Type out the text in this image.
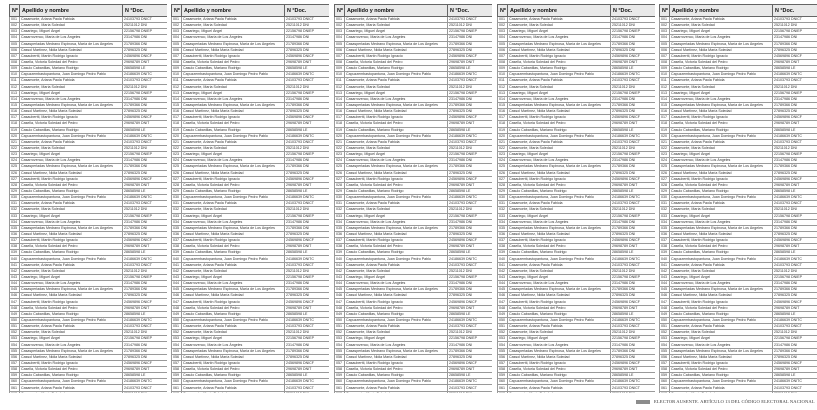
Nº	Apellido y nombre	N °Doc.
001	Casamonte, Ariana Paola Fabiola	24103793 DNICT
002	Casamonte, María Soledad	25211012 DNI
003	Casariego, Miguel Ángel	22156798 DNIEP
004	Casarrovenco, María de Los Ángeles	23147986 DNI
005	Casasperladas Medrano Espinosa, María de Los Ángeles	21789366 DNI
006	Cassol Martínez, Nidia María Soledad	27896325 DNI
007	Casaubertti, Martín Rodrigo Ignacio	24569896 DNICF
008	Casella, Victoria Soledad del Pedro	29698789 DNIT
009	Casulo Cabanillas, Mariano Rodrigo	28658598 LE
010	Capuzzembastopantuna, Juan Domingo Pedro Pablo	24186639 DNITC
011	Casamonte, Ariana Paola Fabiola	24103793 DNICT
012	Casamonte, María Soledad	25211012 DNI
013	Casariego, Miguel Ángel	22156798 DNIEP
014	Casarrovenco, María de Los Ángeles	23147986 DNI
015	Casasperladas Medrano Espinosa, María de Los Ángeles	21789366 DNI
016	Cassol Martínez, Nidia María Soledad	27896325 DNI
017	Casaubertti, Martín Rodrigo Ignacio	24569896 DNICF
018	Casella, Victoria Soledad del Pedro	29698789 DNIT
019	Casulo Cabanillas, Mariano Rodrigo	28658598 LE
020	Capuzzembastopantuna, Juan Domingo Pedro Pablo	24186639 DNITC
021	Casamonte, Ariana Paola Fabiola	24103793 DNICT
022	Casamonte, María Soledad	25211012 DNI
023	Casariego, Miguel Ángel	22156798 DNIEP
024	Casarrovenco, María de Los Ángeles	23147986 DNI
025	Casasperladas Medrano Espinosa, María de Los Ángeles	21789366 DNI
026	Cassol Martínez, Nidia María Soledad	27896325 DNI
027	Casaubertti, Martín Rodrigo Ignacio	24569896 DNICF
028	Casella, Victoria Soledad del Pedro	29698789 DNIT
029	Casulo Cabanillas, Mariano Rodrigo	28658598 LE
030	Capuzzembastopantuna, Juan Domingo Pedro Pablo	24186639 DNITC
031	Casamonte, Ariana Paola Fabiola	24103793 DNICT
032	Casamonte, María Soledad	25211012 DNI
033	Casariego, Miguel Ángel	22156798 DNIEP
034	Casarrovenco, María de Los Ángeles	23147986 DNI
035	Casasperladas Medrano Espinosa, María de Los Ángeles	21789366 DNI
036	Cassol Martínez, Nidia María Soledad	27896325 DNI
037	Casaubertti, Martín Rodrigo Ignacio	24569896 DNICF
038	Casella, Victoria Soledad del Pedro	29698789 DNIT
039	Casulo Cabanillas, Mariano Rodrigo	28658598 LE
040	Capuzzembastopantuna, Juan Domingo Pedro Pablo	24186639 DNITC
041	Casamonte, Ariana Paola Fabiola	24103793 DNICT
042	Casamonte, María Soledad	25211012 DNI
043	Casariego, Miguel Ángel	22156798 DNIEP
044	Casarrovenco, María de Los Ángeles	23147986 DNI
045	Casasperladas Medrano Espinosa, María de Los Ángeles	21789366 DNI
046	Cassol Martínez, Nidia María Soledad	27896325 DNI
047	Casaubertti, Martín Rodrigo Ignacio	24569896 DNICF
048	Casella, Victoria Soledad del Pedro	29698789 DNIT
049	Casulo Cabanillas, Mariano Rodrigo	28658598 LE
050	Capuzzembastopantuna, Juan Domingo Pedro Pablo	24186639 DNITC
051	Casamonte, Ariana Paola Fabiola	24103793 DNICT
052	Casamonte, María Soledad	25211012 DNI
053	Casariego, Miguel Ángel	22156798 DNIEP
054	Casarrovenco, María de Los Ángeles	23147986 DNI
055	Casasperladas Medrano Espinosa, María de Los Ángeles	21789366 DNI
056	Cassol Martínez, Nidia María Soledad	27896325 DNI
057	Casaubertti, Martín Rodrigo Ignacio	24569896 DNICF
058	Casella, Victoria Soledad del Pedro	29698789 DNIT
059	Casulo Cabanillas, Mariano Rodrigo	28658598 LE
060	Capuzzembastopantuna, Juan Domingo Pedro Pablo	24186639 DNITC
061	Casamonte, Ariana Paola Fabiola	24103793 DNICT

Nº	Apellido y nombre	N °Doc.
001	Casamonte, Ariana Paola Fabiola	24103793 DNICT
002	Casamonte, María Soledad	25211012 DNI
003	Casariego, Miguel Ángel	22156798 DNIEP
004	Casarrovenco, María de Los Ángeles	23147986 DNI
005	Casasperladas Medrano Espinosa, María de Los Ángeles	21789366 DNI
006	Cassol Martínez, Nidia María Soledad	27896325 DNI
007	Casaubertti, Martín Rodrigo Ignacio	24569896 DNICF
008	Casella, Victoria Soledad del Pedro	29698789 DNIT
009	Casulo Cabanillas, Mariano Rodrigo	28658598 LE
010	Capuzzembastopantuna, Juan Domingo Pedro Pablo	24186639 DNITC
011	Casamonte, Ariana Paola Fabiola	24103793 DNICT
012	Casamonte, María Soledad	25211012 DNI
013	Casariego, Miguel Ángel	22156798 DNIEP
014	Casarrovenco, María de Los Ángeles	23147986 DNI
015	Casasperladas Medrano Espinosa, María de Los Ángeles	21789366 DNI
016	Cassol Martínez, Nidia María Soledad	27896325 DNI
017	Casaubertti, Martín Rodrigo Ignacio	24569896 DNICF
018	Casella, Victoria Soledad del Pedro	29698789 DNIT
019	Casulo Cabanillas, Mariano Rodrigo	28658598 LE
020	Capuzzembastopantuna, Juan Domingo Pedro Pablo	24186639 DNITC
021	Casamonte, Ariana Paola Fabiola	24103793 DNICT
022	Casamonte, María Soledad	25211012 DNI
023	Casariego, Miguel Ángel	22156798 DNIEP
024	Casarrovenco, María de Los Ángeles	23147986 DNI
025	Casasperladas Medrano Espinosa, María de Los Ángeles	21789366 DNI
026	Cassol Martínez, Nidia María Soledad	27896325 DNI
027	Casaubertti, Martín Rodrigo Ignacio	24569896 DNICF
028	Casella, Victoria Soledad del Pedro	29698789 DNIT
029	Casulo Cabanillas, Mariano Rodrigo	28658598 LE
030	Capuzzembastopantuna, Juan Domingo Pedro Pablo	24186639 DNITC
031	Casamonte, Ariana Paola Fabiola	24103793 DNICT
032	Casamonte, María Soledad	25211012 DNI
033	Casariego, Miguel Ángel	22156798 DNIEP
034	Casarrovenco, María de Los Ángeles	23147986 DNI
035	Casasperladas Medrano Espinosa, María de Los Ángeles	21789366 DNI
036	Cassol Martínez, Nidia María Soledad	27896325 DNI
037	Casaubertti, Martín Rodrigo Ignacio	24569896 DNICF
038	Casella, Victoria Soledad del Pedro	29698789 DNIT
039	Casulo Cabanillas, Mariano Rodrigo	28658598 LE
040	Capuzzembastopantuna, Juan Domingo Pedro Pablo	24186639 DNITC
041	Casamonte, Ariana Paola Fabiola	24103793 DNICT
042	Casamonte, María Soledad	25211012 DNI
043	Casariego, Miguel Ángel	22156798 DNIEP
044	Casarrovenco, María de Los Ángeles	23147986 DNI
045	Casasperladas Medrano Espinosa, María de Los Ángeles	21789366 DNI
046	Cassol Martínez, Nidia María Soledad	27896325 DNI
047	Casaubertti, Martín Rodrigo Ignacio	24569896 DNICF
048	Casella, Victoria Soledad del Pedro	29698789 DNIT
049	Casulo Cabanillas, Mariano Rodrigo	28658598 LE
050	Capuzzembastopantuna, Juan Domingo Pedro Pablo	24186639 DNITC
051	Casamonte, Ariana Paola Fabiola	24103793 DNICT
052	Casamonte, María Soledad	25211012 DNI
053	Casariego, Miguel Ángel	22156798 DNIEP
054	Casarrovenco, María de Los Ángeles	23147986 DNI
055	Casasperladas Medrano Espinosa, María de Los Ángeles	21789366 DNI
056	Cassol Martínez, Nidia María Soledad	27896325 DNI
057	Casaubertti, Martín Rodrigo Ignacio	24569896 DNICF
058	Casella, Victoria Soledad del Pedro	29698789 DNIT
059	Casulo Cabanillas, Mariano Rodrigo	28658598 LE
060	Capuzzembastopantuna, Juan Domingo Pedro Pablo	24186639 DNITC
061	Casamonte, Ariana Paola Fabiola	24103793 DNICT

Nº	Apellido y nombre	N °Doc.
001	Casamonte, Ariana Paola Fabiola	24103793 DNICT
002	Casamonte, María Soledad	25211012 DNI
003	Casariego, Miguel Ángel	22156798 DNIEP
004	Casarrovenco, María de Los Ángeles	23147986 DNI
005	Casasperladas Medrano Espinosa, María de Los Ángeles	21789366 DNI
006	Cassol Martínez, Nidia María Soledad	27896325 DNI
007	Casaubertti, Martín Rodrigo Ignacio	24569896 DNICF
008	Casella, Victoria Soledad del Pedro	29698789 DNIT
009	Casulo Cabanillas, Mariano Rodrigo	28658598 LE
010	Capuzzembastopantuna, Juan Domingo Pedro Pablo	24186639 DNITC
011	Casamonte, Ariana Paola Fabiola	24103793 DNICT
012	Casamonte, María Soledad	25211012 DNI
013	Casariego, Miguel Ángel	22156798 DNIEP
014	Casarrovenco, María de Los Ángeles	23147986 DNI
015	Casasperladas Medrano Espinosa, María de Los Ángeles	21789366 DNI
016	Cassol Martínez, Nidia María Soledad	27896325 DNI
017	Casaubertti, Martín Rodrigo Ignacio	24569896 DNICF
018	Casella, Victoria Soledad del Pedro	29698789 DNIT
019	Casulo Cabanillas, Mariano Rodrigo	28658598 LE
020	Capuzzembastopantuna, Juan Domingo Pedro Pablo	24186639 DNITC
021	Casamonte, Ariana Paola Fabiola	24103793 DNICT
022	Casamonte, María Soledad	25211012 DNI
023	Casariego, Miguel Ángel	22156798 DNIEP
024	Casarrovenco, María de Los Ángeles	23147986 DNI
025	Casasperladas Medrano Espinosa, María de Los Ángeles	21789366 DNI
026	Cassol Martínez, Nidia María Soledad	27896325 DNI
027	Casaubertti, Martín Rodrigo Ignacio	24569896 DNICF
028	Casella, Victoria Soledad del Pedro	29698789 DNIT
029	Casulo Cabanillas, Mariano Rodrigo	28658598 LE
030	Capuzzembastopantuna, Juan Domingo Pedro Pablo	24186639 DNITC
031	Casamonte, Ariana Paola Fabiola	24103793 DNICT
032	Casamonte, María Soledad	25211012 DNI
033	Casariego, Miguel Ángel	22156798 DNIEP
034	Casarrovenco, María de Los Ángeles	23147986 DNI
035	Casasperladas Medrano Espinosa, María de Los Ángeles	21789366 DNI
036	Cassol Martínez, Nidia María Soledad	27896325 DNI
037	Casaubertti, Martín Rodrigo Ignacio	24569896 DNICF
038	Casella, Victoria Soledad del Pedro	29698789 DNIT
039	Casulo Cabanillas, Mariano Rodrigo	28658598 LE
040	Capuzzembastopantuna, Juan Domingo Pedro Pablo	24186639 DNITC
041	Casamonte, Ariana Paola Fabiola	24103793 DNICT
042	Casamonte, María Soledad	25211012 DNI
043	Casariego, Miguel Ángel	22156798 DNIEP
044	Casarrovenco, María de Los Ángeles	23147986 DNI
045	Casasperladas Medrano Espinosa, María de Los Ángeles	21789366 DNI
046	Cassol Martínez, Nidia María Soledad	27896325 DNI
047	Casaubertti, Martín Rodrigo Ignacio	24569896 DNICF
048	Casella, Victoria Soledad del Pedro	29698789 DNIT
049	Casulo Cabanillas, Mariano Rodrigo	28658598 LE
050	Capuzzembastopantuna, Juan Domingo Pedro Pablo	24186639 DNITC
051	Casamonte, Ariana Paola Fabiola	24103793 DNICT
052	Casamonte, María Soledad	25211012 DNI
053	Casariego, Miguel Ángel	22156798 DNIEP
054	Casarrovenco, María de Los Ángeles	23147986 DNI
055	Casasperladas Medrano Espinosa, María de Los Ángeles	21789366 DNI
056	Cassol Martínez, Nidia María Soledad	27896325 DNI
057	Casaubertti, Martín Rodrigo Ignacio	24569896 DNICF
058	Casella, Victoria Soledad del Pedro	29698789 DNIT
059	Casulo Cabanillas, Mariano Rodrigo	28658598 LE
060	Capuzzembastopantuna, Juan Domingo Pedro Pablo	24186639 DNITC
061	Casamonte, Ariana Paola Fabiola	24103793 DNICT

Nº	Apellido y nombre	N °Doc.
001	Casamonte, Ariana Paola Fabiola	24103793 DNICT
002	Casamonte, María Soledad	25211012 DNI
003	Casariego, Miguel Ángel	22156798 DNIEP
004	Casarrovenco, María de Los Ángeles	23147986 DNI
005	Casasperladas Medrano Espinosa, María de Los Ángeles	21789366 DNI
006	Cassol Martínez, Nidia María Soledad	27896325 DNI
007	Casaubertti, Martín Rodrigo Ignacio	24569896 DNICF
008	Casella, Victoria Soledad del Pedro	29698789 DNIT
009	Casulo Cabanillas, Mariano Rodrigo	28658598 LE
010	Capuzzembastopantuna, Juan Domingo Pedro Pablo	24186639 DNITC
011	Casamonte, Ariana Paola Fabiola	24103793 DNICT
012	Casamonte, María Soledad	25211012 DNI
013	Casariego, Miguel Ángel	22156798 DNIEP
014	Casarrovenco, María de Los Ángeles	23147986 DNI
015	Casasperladas Medrano Espinosa, María de Los Ángeles	21789366 DNI
016	Cassol Martínez, Nidia María Soledad	27896325 DNI
017	Casaubertti, Martín Rodrigo Ignacio	24569896 DNICF
018	Casella, Victoria Soledad del Pedro	29698789 DNIT
019	Casulo Cabanillas, Mariano Rodrigo	28658598 LE
020	Capuzzembastopantuna, Juan Domingo Pedro Pablo	24186639 DNITC
021	Casamonte, Ariana Paola Fabiola	24103793 DNICT
022	Casamonte, María Soledad	25211012 DNI
023	Casariego, Miguel Ángel	22156798 DNIEP
024	Casarrovenco, María de Los Ángeles	23147986 DNI
025	Casasperladas Medrano Espinosa, María de Los Ángeles	21789366 DNI
026	Cassol Martínez, Nidia María Soledad	27896325 DNI
027	Casaubertti, Martín Rodrigo Ignacio	24569896 DNICF
028	Casella, Victoria Soledad del Pedro	29698789 DNIT
029	Casulo Cabanillas, Mariano Rodrigo	28658598 LE
030	Capuzzembastopantuna, Juan Domingo Pedro Pablo	24186639 DNITC
031	Casamonte, Ariana Paola Fabiola	24103793 DNICT
032	Casamonte, María Soledad	25211012 DNI
033	Casariego, Miguel Ángel	22156798 DNIEP
034	Casarrovenco, María de Los Ángeles	23147986 DNI
035	Casasperladas Medrano Espinosa, María de Los Ángeles	21789366 DNI
036	Cassol Martínez, Nidia María Soledad	27896325 DNI
037	Casaubertti, Martín Rodrigo Ignacio	24569896 DNICF
038	Casella, Victoria Soledad del Pedro	29698789 DNIT
039	Casulo Cabanillas, Mariano Rodrigo	28658598 LE
040	Capuzzembastopantuna, Juan Domingo Pedro Pablo	24186639 DNITC
041	Casamonte, Ariana Paola Fabiola	24103793 DNICT
042	Casamonte, María Soledad	25211012 DNI
043	Casariego, Miguel Ángel	22156798 DNIEP
044	Casarrovenco, María de Los Ángeles	23147986 DNI
045	Casasperladas Medrano Espinosa, María de Los Ángeles	21789366 DNI
046	Cassol Martínez, Nidia María Soledad	27896325 DNI
047	Casaubertti, Martín Rodrigo Ignacio	24569896 DNICF
048	Casella, Victoria Soledad del Pedro	29698789 DNIT
049	Casulo Cabanillas, Mariano Rodrigo	28658598 LE
050	Capuzzembastopantuna, Juan Domingo Pedro Pablo	24186639 DNITC
051	Casamonte, Ariana Paola Fabiola	24103793 DNICT
052	Casamonte, María Soledad	25211012 DNI
053	Casariego, Miguel Ángel	22156798 DNIEP
054	Casarrovenco, María de Los Ángeles	23147986 DNI
055	Casasperladas Medrano Espinosa, María de Los Ángeles	21789366 DNI
056	Cassol Martínez, Nidia María Soledad	27896325 DNI
057	Casaubertti, Martín Rodrigo Ignacio	24569896 DNICF
058	Casella, Victoria Soledad del Pedro	29698789 DNIT
059	Casulo Cabanillas, Mariano Rodrigo	28658598 LE
060	Capuzzembastopantuna, Juan Domingo Pedro Pablo	24186639 DNITC
061	Casamonte, Ariana Paola Fabiola	24103793 DNICT

Nº	Apellido y nombre	N °Doc.
001	Casamonte, Ariana Paola Fabiola	24103793 DNICT
002	Casamonte, María Soledad	25211012 DNI
003	Casariego, Miguel Ángel	22156798 DNIEP
004	Casarrovenco, María de Los Ángeles	23147986 DNI
005	Casasperladas Medrano Espinosa, María de Los Ángeles	21789366 DNI
006	Cassol Martínez, Nidia María Soledad	27896325 DNI
007	Casaubertti, Martín Rodrigo Ignacio	24569896 DNICF
008	Casella, Victoria Soledad del Pedro	29698789 DNIT
009	Casulo Cabanillas, Mariano Rodrigo	28658598 LE
010	Capuzzembastopantuna, Juan Domingo Pedro Pablo	24186639 DNITC
011	Casamonte, Ariana Paola Fabiola	24103793 DNICT
012	Casamonte, María Soledad	25211012 DNI
013	Casariego, Miguel Ángel	22156798 DNIEP
014	Casarrovenco, María de Los Ángeles	23147986 DNI
015	Casasperladas Medrano Espinosa, María de Los Ángeles	21789366 DNI
016	Cassol Martínez, Nidia María Soledad	27896325 DNI
017	Casaubertti, Martín Rodrigo Ignacio	24569896 DNICF
018	Casella, Victoria Soledad del Pedro	29698789 DNIT
019	Casulo Cabanillas, Mariano Rodrigo	28658598 LE
020	Capuzzembastopantuna, Juan Domingo Pedro Pablo	24186639 DNITC
021	Casamonte, Ariana Paola Fabiola	24103793 DNICT
022	Casamonte, María Soledad	25211012 DNI
023	Casariego, Miguel Ángel	22156798 DNIEP
024	Casarrovenco, María de Los Ángeles	23147986 DNI
025	Casasperladas Medrano Espinosa, María de Los Ángeles	21789366 DNI
026	Cassol Martínez, Nidia María Soledad	27896325 DNI
027	Casaubertti, Martín Rodrigo Ignacio	24569896 DNICF
028	Casella, Victoria Soledad del Pedro	29698789 DNIT
029	Casulo Cabanillas, Mariano Rodrigo	28658598 LE
030	Capuzzembastopantuna, Juan Domingo Pedro Pablo	24186639 DNITC
031	Casamonte, Ariana Paola Fabiola	24103793 DNICT
032	Casamonte, María Soledad	25211012 DNI
033	Casariego, Miguel Ángel	22156798 DNIEP
034	Casarrovenco, María de Los Ángeles	23147986 DNI
035	Casasperladas Medrano Espinosa, María de Los Ángeles	21789366 DNI
036	Cassol Martínez, Nidia María Soledad	27896325 DNI
037	Casaubertti, Martín Rodrigo Ignacio	24569896 DNICF
038	Casella, Victoria Soledad del Pedro	29698789 DNIT
039	Casulo Cabanillas, Mariano Rodrigo	28658598 LE
040	Capuzzembastopantuna, Juan Domingo Pedro Pablo	24186639 DNITC
041	Casamonte, Ariana Paola Fabiola	24103793 DNICT
042	Casamonte, María Soledad	25211012 DNI
043	Casariego, Miguel Ángel	22156798 DNIEP
044	Casarrovenco, María de Los Ángeles	23147986 DNI
045	Casasperladas Medrano Espinosa, María de Los Ángeles	21789366 DNI
046	Cassol Martínez, Nidia María Soledad	27896325 DNI
047	Casaubertti, Martín Rodrigo Ignacio	24569896 DNICF
048	Casella, Victoria Soledad del Pedro	29698789 DNIT
049	Casulo Cabanillas, Mariano Rodrigo	28658598 LE
050	Capuzzembastopantuna, Juan Domingo Pedro Pablo	24186639 DNITC
051	Casamonte, Ariana Paola Fabiola	24103793 DNICT
052	Casamonte, María Soledad	25211012 DNI
053	Casariego, Miguel Ángel	22156798 DNIEP
054	Casarrovenco, María de Los Ángeles	23147986 DNI
055	Casasperladas Medrano Espinosa, María de Los Ángeles	21789366 DNI
056	Cassol Martínez, Nidia María Soledad	27896325 DNI
057	Casaubertti, Martín Rodrigo Ignacio	24569896 DNICF
058	Casella, Victoria Soledad del Pedro	29698789 DNIT
059	Casulo Cabanillas, Mariano Rodrigo	28658598 LE
060	Capuzzembastopantuna, Juan Domingo Pedro Pablo	24186639 DNITC
061	Casamonte, Ariana Paola Fabiola	24103793 DNICT

ELECTOR AUSENTE. ARTÍCULO 13 DEL CÓDIGO ELECTORAL NACIONAL
